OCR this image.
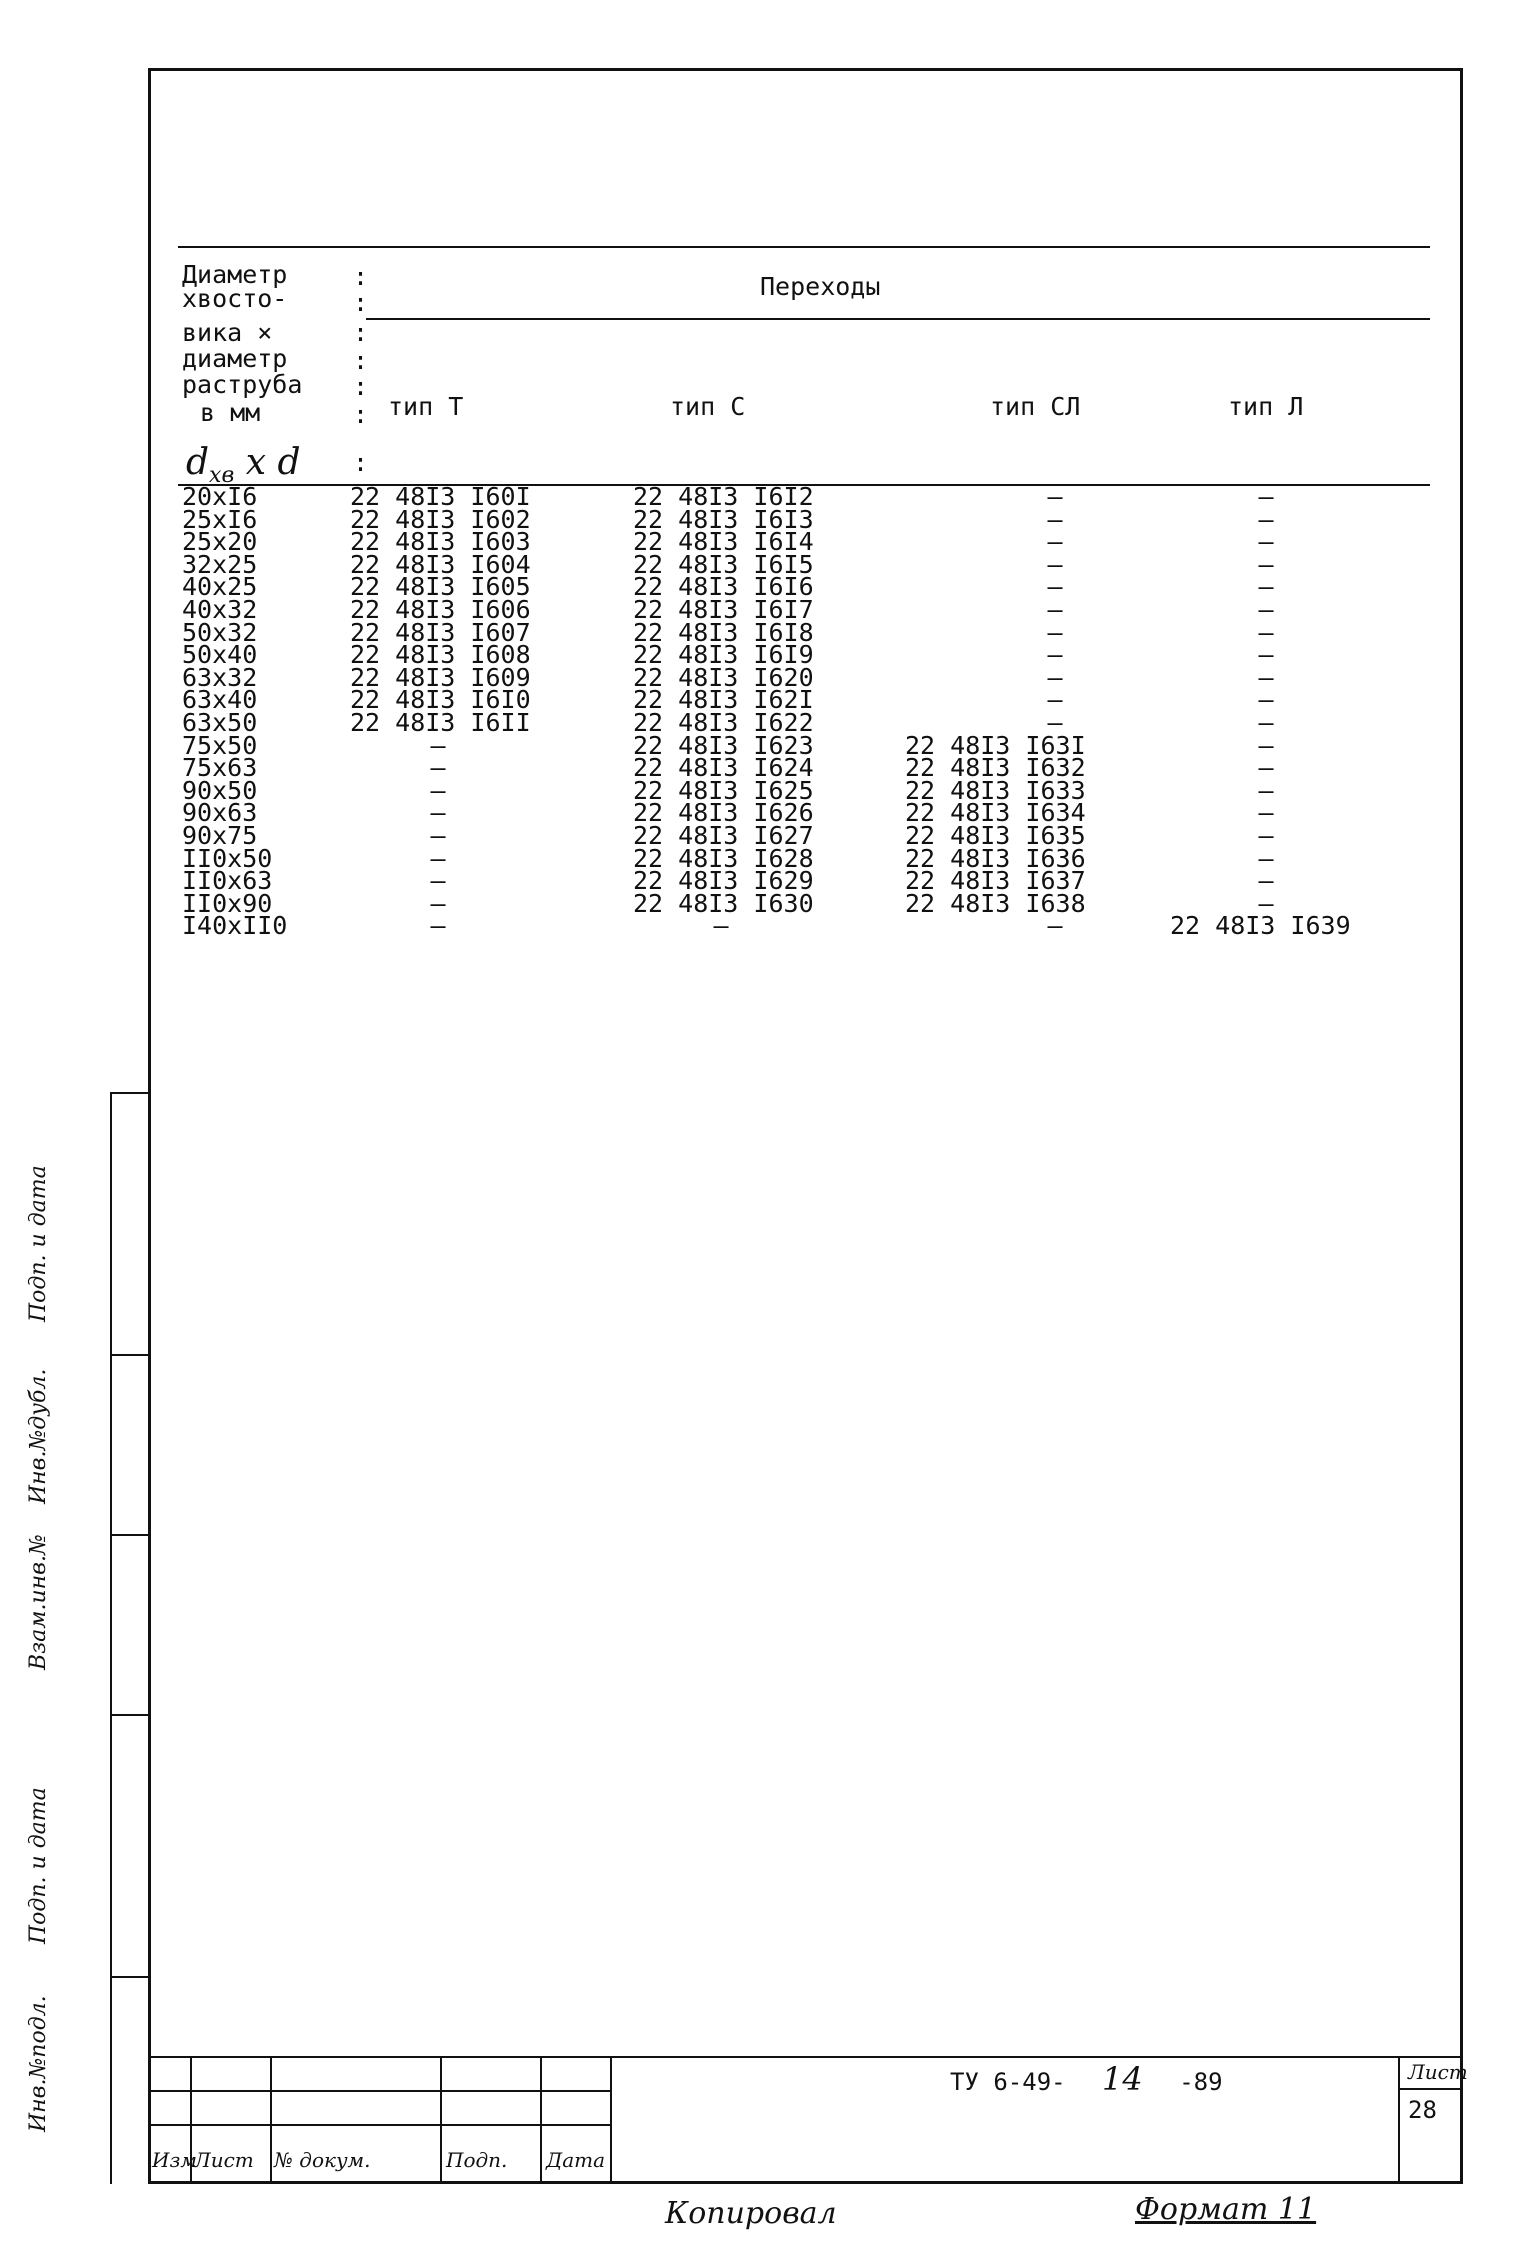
Диаметр
хвосто-
вика ×
диаметр
раструба
в мм
$d_{хв}$ x d
Переходы
тип Т	тип С	тип СЛ	тип Л
20xI6	22 48I3 I60I	22 48I3 I6I2	–	–
25xI6	22 48I3 I602	22 48I3 I6I3	–	–
25x20	22 48I3 I603	22 48I3 I6I4	–	–
32x25	22 48I3 I604	22 48I3 I6I5	–	–
40x25	22 48I3 I605	22 48I3 I6I6	–	–
40x32	22 48I3 I606	22 48I3 I6I7	–	–
50x32	22 48I3 I607	22 48I3 I6I8	–	–
50x40	22 48I3 I608	22 48I3 I6I9	–	–
63x32	22 48I3 I609	22 48I3 I620	–	–
63x40	22 48I3 I6I0	22 48I3 I62I	–	–
63x50	22 48I3 I6II	22 48I3 I622	–	–
75x50	–	22 48I3 I623	22 48I3 I63I	–
75x63	–	22 48I3 I624	22 48I3 I632	–
90x50	–	22 48I3 I625	22 48I3 I633	–
90x63	–	22 48I3 I626	22 48I3 I634	–
90x75	–	22 48I3 I627	22 48I3 I635	–
II0x50	–	22 48I3 I628	22 48I3 I636	–
II0x63	–	22 48I3 I629	22 48I3 I637	–
II0x90	–	22 48I3 I630	22 48I3 I638	–
I40xII0	–	–	–	22 48I3 I639
Изм
Лист № докум.	Подп. Дата
ТУ 6-49- 14 -89	Лист
28
Копировал	Формат 11
Инв.№подл.
Подп. и дата
Взам.инв.№
Инв.№дубл.
Подп. и дата
:
:
:
:
:
:
:
